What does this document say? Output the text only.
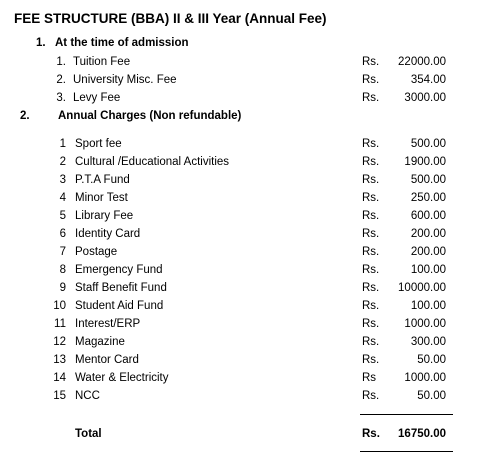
FEE STRUCTURE (BBA) II & III Year (Annual Fee)
1. At the time of admission
1. Tuition Fee	Rs.	22000.00
2. University Misc. Fee	Rs.	354.00
3. Levy Fee	Rs.	3000.00
2. Annual Charges (Non refundable)
1 Sport fee	Rs.	500.00
2 Cultural /Educational Activities	Rs.	1900.00
3 P.T.A Fund	Rs.	500.00
4 Minor Test	Rs.	250.00
5 Library Fee	Rs.	600.00
6 Identity Card	Rs.	200.00
7 Postage	Rs.	200.00
8 Emergency Fund	Rs.	100.00
9 Staff Benefit Fund	Rs.	10000.00
10 Student Aid Fund	Rs.	100.00
11 Interest/ERP	Rs.	1000.00
12 Magazine	Rs.	300.00
13 Mentor Card	Rs.	50.00
14 Water & Electricity	Rs	1000.00
15 NCC	Rs.	50.00
Total	Rs.	16750.00
